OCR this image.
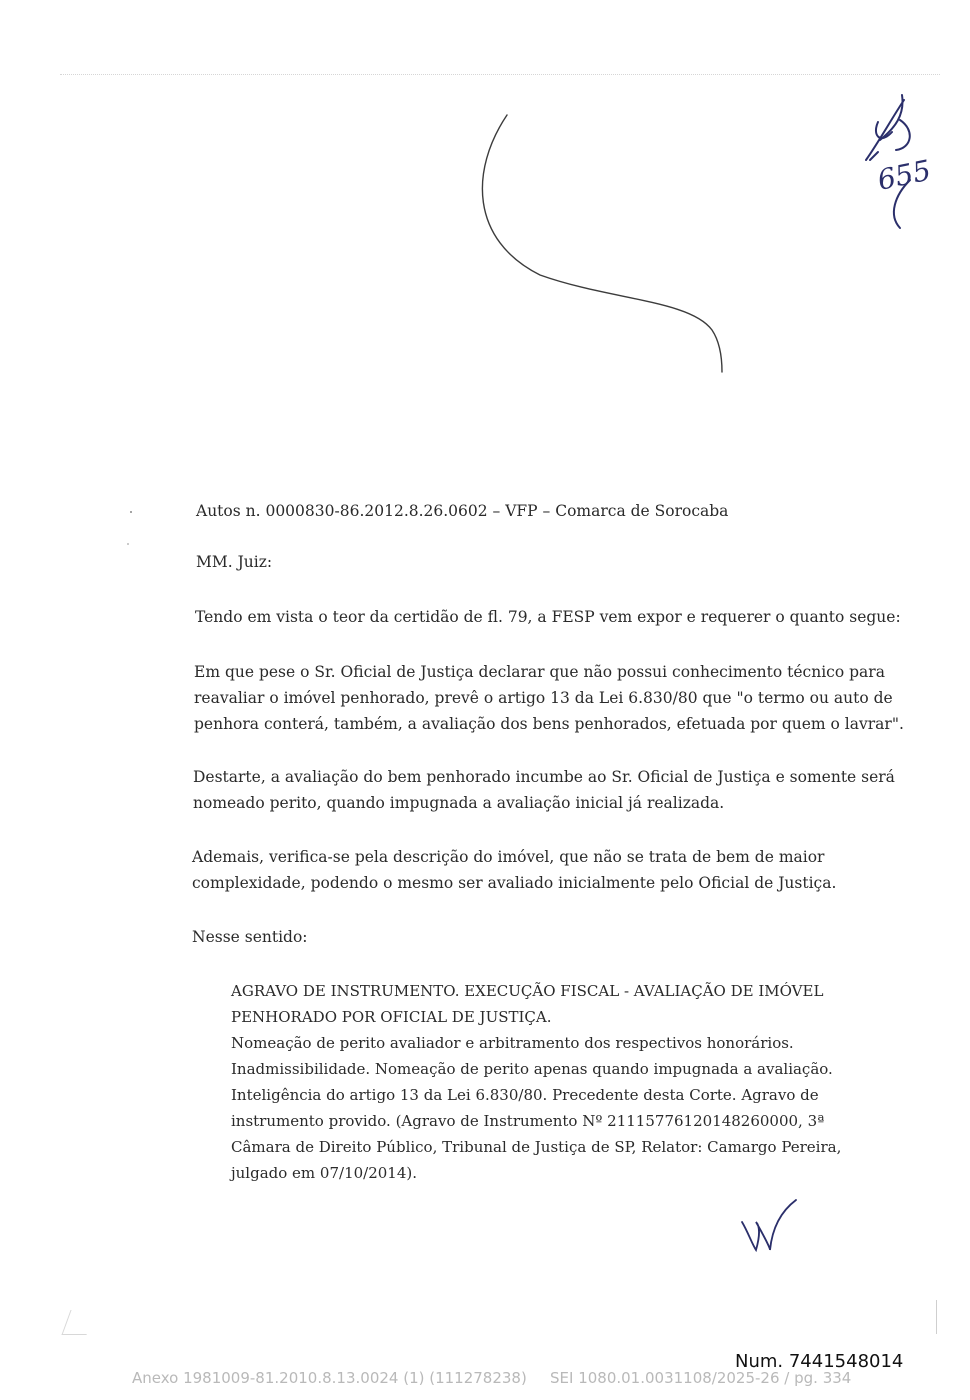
655
Autos n. 0000830-86.2012.8.26.0602 – VFP – Comarca de Sorocaba
MM. Juiz:
Tendo em vista o teor da certidão de fl. 79, a FESP vem expor e requerer o quanto segue:
Em que pese o Sr. Oficial de Justiça declarar que não possui conhecimento técnico para
reavaliar o imóvel penhorado, prevê o artigo 13 da Lei 6.830/80 que "o termo ou auto de
penhora conterá, também, a avaliação dos bens penhorados, efetuada por quem o lavrar".
Destarte, a avaliação do bem penhorado incumbe ao Sr. Oficial de Justiça e somente será
nomeado perito, quando impugnada a avaliação inicial já realizada.
Ademais, verifica-se pela descrição do imóvel, que não se trata de bem de maior
complexidade, podendo o mesmo ser avaliado inicialmente pelo Oficial de Justiça.
Nesse sentido:
AGRAVO DE INSTRUMENTO. EXECUÇÃO FISCAL - AVALIAÇÃO DE IMÓVEL
PENHORADO POR OFICIAL DE JUSTIÇA.
Nomeação de perito avaliador e arbitramento dos respectivos honorários.
Inadmissibilidade. Nomeação de perito apenas quando impugnada a avaliação.
Inteligência do artigo 13 da Lei 6.830/80. Precedente desta Corte. Agravo de
instrumento provido. (Agravo de Instrumento Nº 21115776120148260000, 3ª
Câmara de Direito Público, Tribunal de Justiça de SP, Relator: Camargo Pereira,
julgado em 07/10/2014).
Num. 7441548014
Anexo 1981009-81.2010.8.13.0024 (1) (111278238) SEI 1080.01.0031108/2025-26 / pg. 334
